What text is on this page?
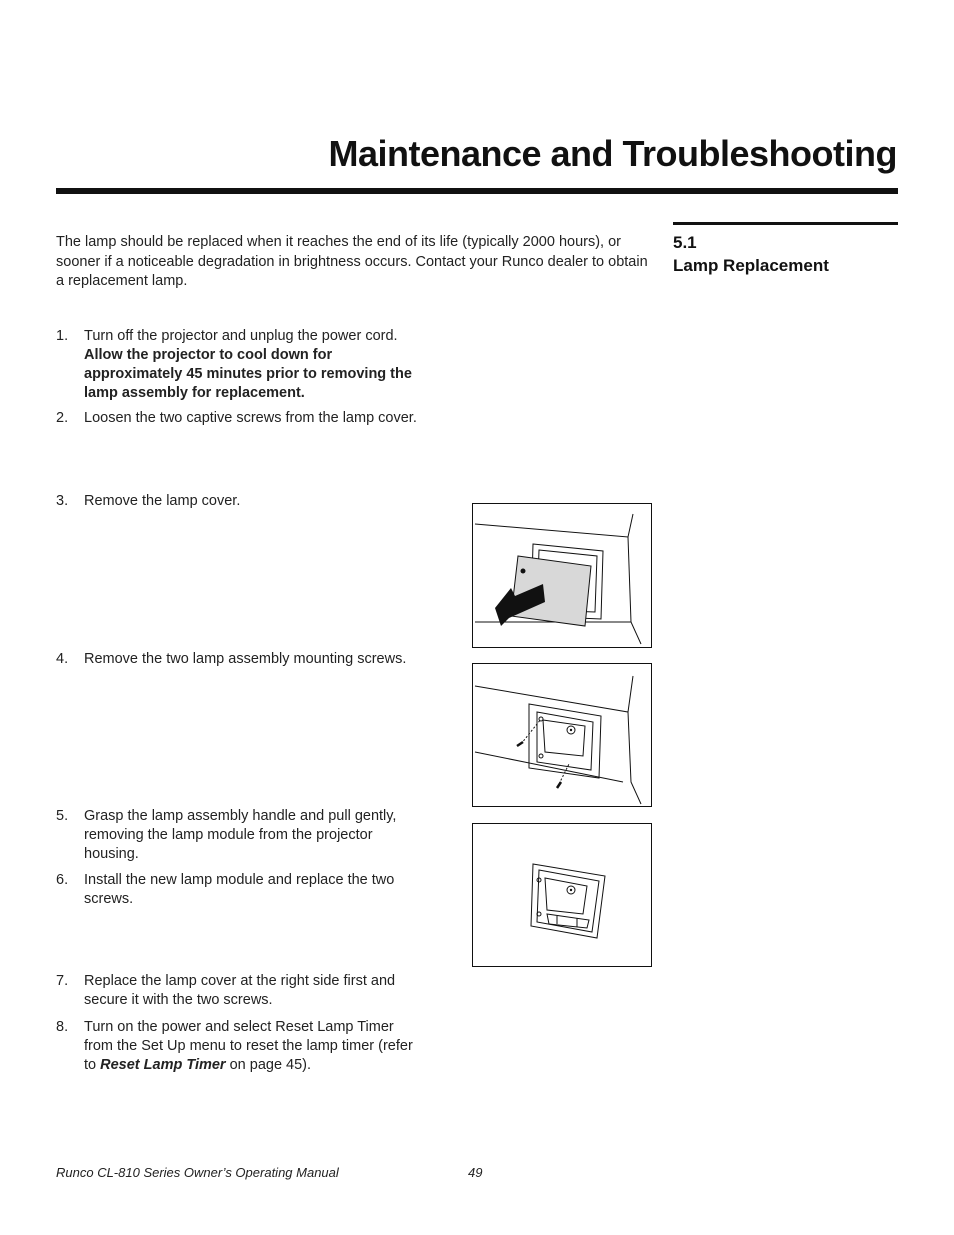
Maintenance and Troubleshooting
The lamp should be replaced when it reaches the end of its life (typically 2000 hours), or sooner if a noticeable degradation in brightness occurs. Contact your Runco dealer to obtain a replacement lamp.
5.1
Lamp Replacement
1. Turn off the projector and unplug the power cord.
Allow the projector to cool down for approximately 45 minutes prior to removing the lamp assembly for replacement.
2. Loosen the two captive screws from the lamp cover.
3. Remove the lamp cover.
4. Remove the two lamp assembly mounting screws.
5. Grasp the lamp assembly handle and pull gently, removing the lamp module from the projector housing.
6. Install the new lamp module and replace the two screws.
7. Replace the lamp cover at the right side first and secure it with the two screws.
8. Turn on the power and select Reset Lamp Timer from the Set Up menu to reset the lamp timer (refer to Reset Lamp Timer on page 45).
Runco CL-810 Series Owner’s Operating Manual	49
